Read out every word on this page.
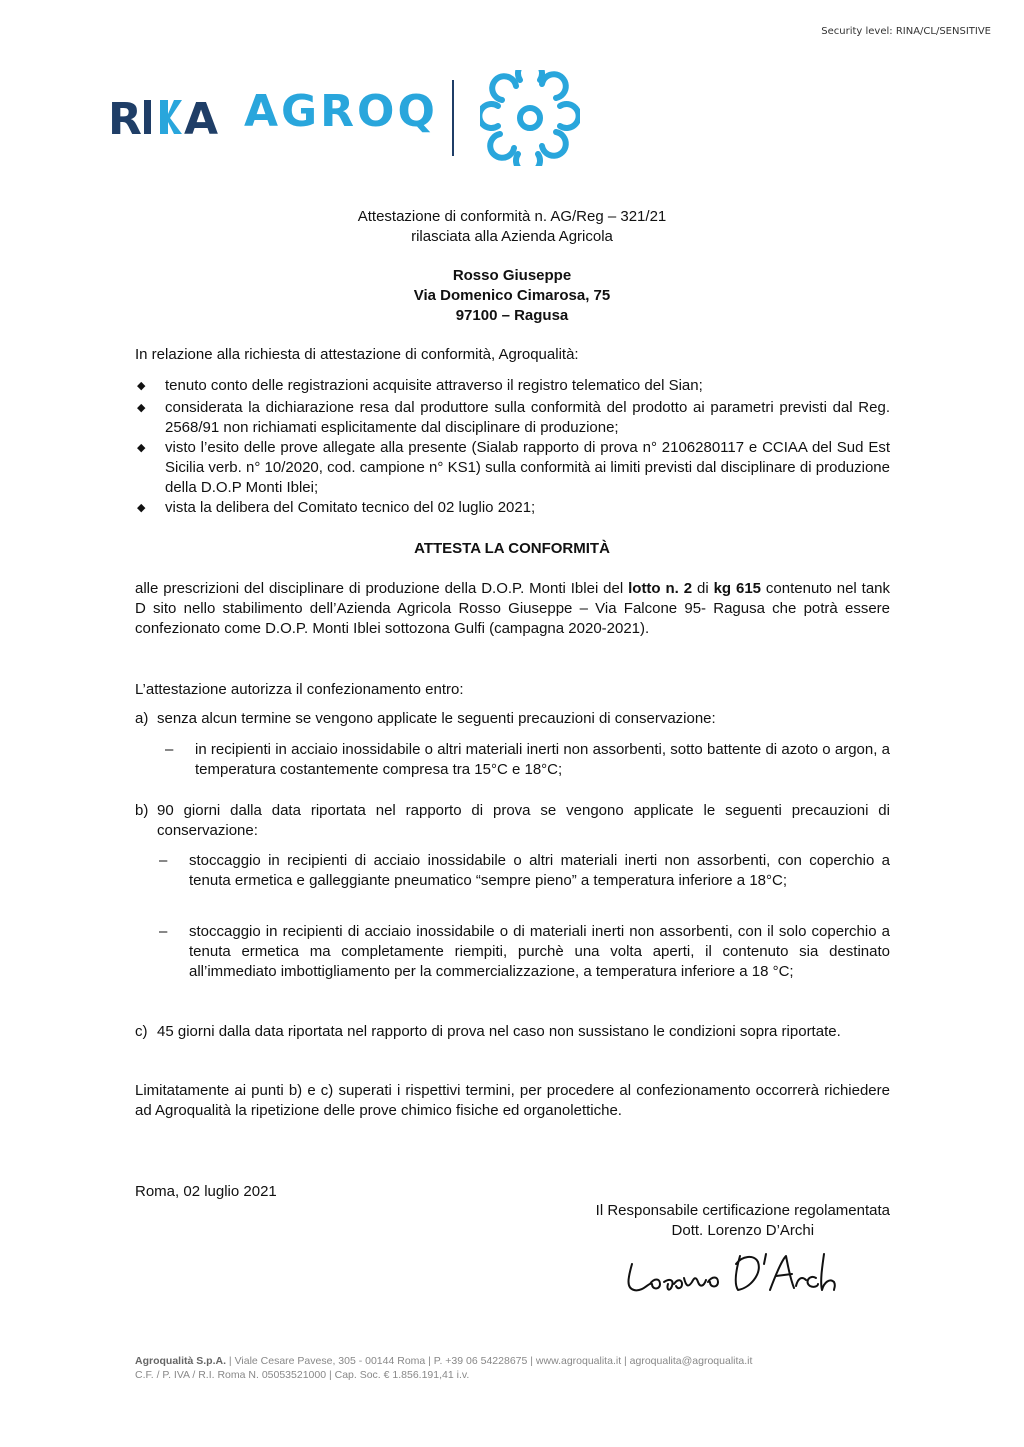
Security level: RINA/CL/SENSITIVE
R A AGROQ
Attestazione di conformità n. AG/Reg – 321/21
rilasciata alla Azienda Agricola
Rosso Giuseppe
Via Domenico Cimarosa, 75
97100 – Ragusa
In relazione alla richiesta di attestazione di conformità, Agroqualità:
◆ tenuto conto delle registrazioni acquisite attraverso il registro telematico del Sian;
◆ considerata la dichiarazione resa dal produttore sulla conformità del prodotto ai parametri previsti dal Reg. 2568/91 non richiamati esplicitamente dal disciplinare di produzione;
◆ visto l’esito delle prove allegate alla presente (Sialab rapporto di prova n° 2106280117 e CCIAA del Sud Est Sicilia verb. n° 10/2020, cod. campione n° KS1) sulla conformità ai limiti previsti dal disciplinare di produzione della D.O.P Monti Iblei;
◆ vista la delibera del Comitato tecnico del 02 luglio 2021;
ATTESTA LA CONFORMITÀ
alle prescrizioni del disciplinare di produzione della D.O.P. Monti Iblei del lotto n. 2 di kg 615 contenuto nel tank D sito nello stabilimento dell’Azienda Agricola Rosso Giuseppe – Via Falcone 95- Ragusa che potrà essere confezionato come D.O.P. Monti Iblei sottozona Gulfi (campagna 2020-2021).
L’attestazione autorizza il confezionamento entro:
a) senza alcun termine se vengono applicate le seguenti precauzioni di conservazione:
– in recipienti in acciaio inossidabile o altri materiali inerti non assorbenti, sotto battente di azoto o argon, a temperatura costantemente compresa tra 15°C e 18°C;
b) 90 giorni dalla data riportata nel rapporto di prova se vengono applicate le seguenti precauzioni di conservazione:
– stoccaggio in recipienti di acciaio inossidabile o altri materiali inerti non assorbenti, con coperchio a tenuta ermetica e galleggiante pneumatico “sempre pieno” a temperatura inferiore a 18°C;
– stoccaggio in recipienti di acciaio inossidabile o di materiali inerti non assorbenti, con il solo coperchio a tenuta ermetica ma completamente riempiti, purchè una volta aperti, il contenuto sia destinato all’immediato imbottigliamento per la commercializzazione, a temperatura inferiore a 18 °C;
c) 45 giorni dalla data riportata nel rapporto di prova nel caso non sussistano le condizioni sopra riportate.
Limitatamente ai punti b) e c) superati i rispettivi termini, per procedere al confezionamento occorrerà richiedere ad Agroqualità la ripetizione delle prove chimico fisiche ed organolettiche.
Roma, 02 luglio 2021
Il Responsabile certificazione regolamentata
Dott. Lorenzo D’Archi
Agroqualità S.p.A. | Viale Cesare Pavese, 305 - 00144 Roma | P. +39 06 54228675 | www.agroqualita.it | agroqualita@agroqualita.it
C.F. / P. IVA / R.I. Roma N. 05053521000 | Cap. Soc. € 1.856.191,41 i.v.
